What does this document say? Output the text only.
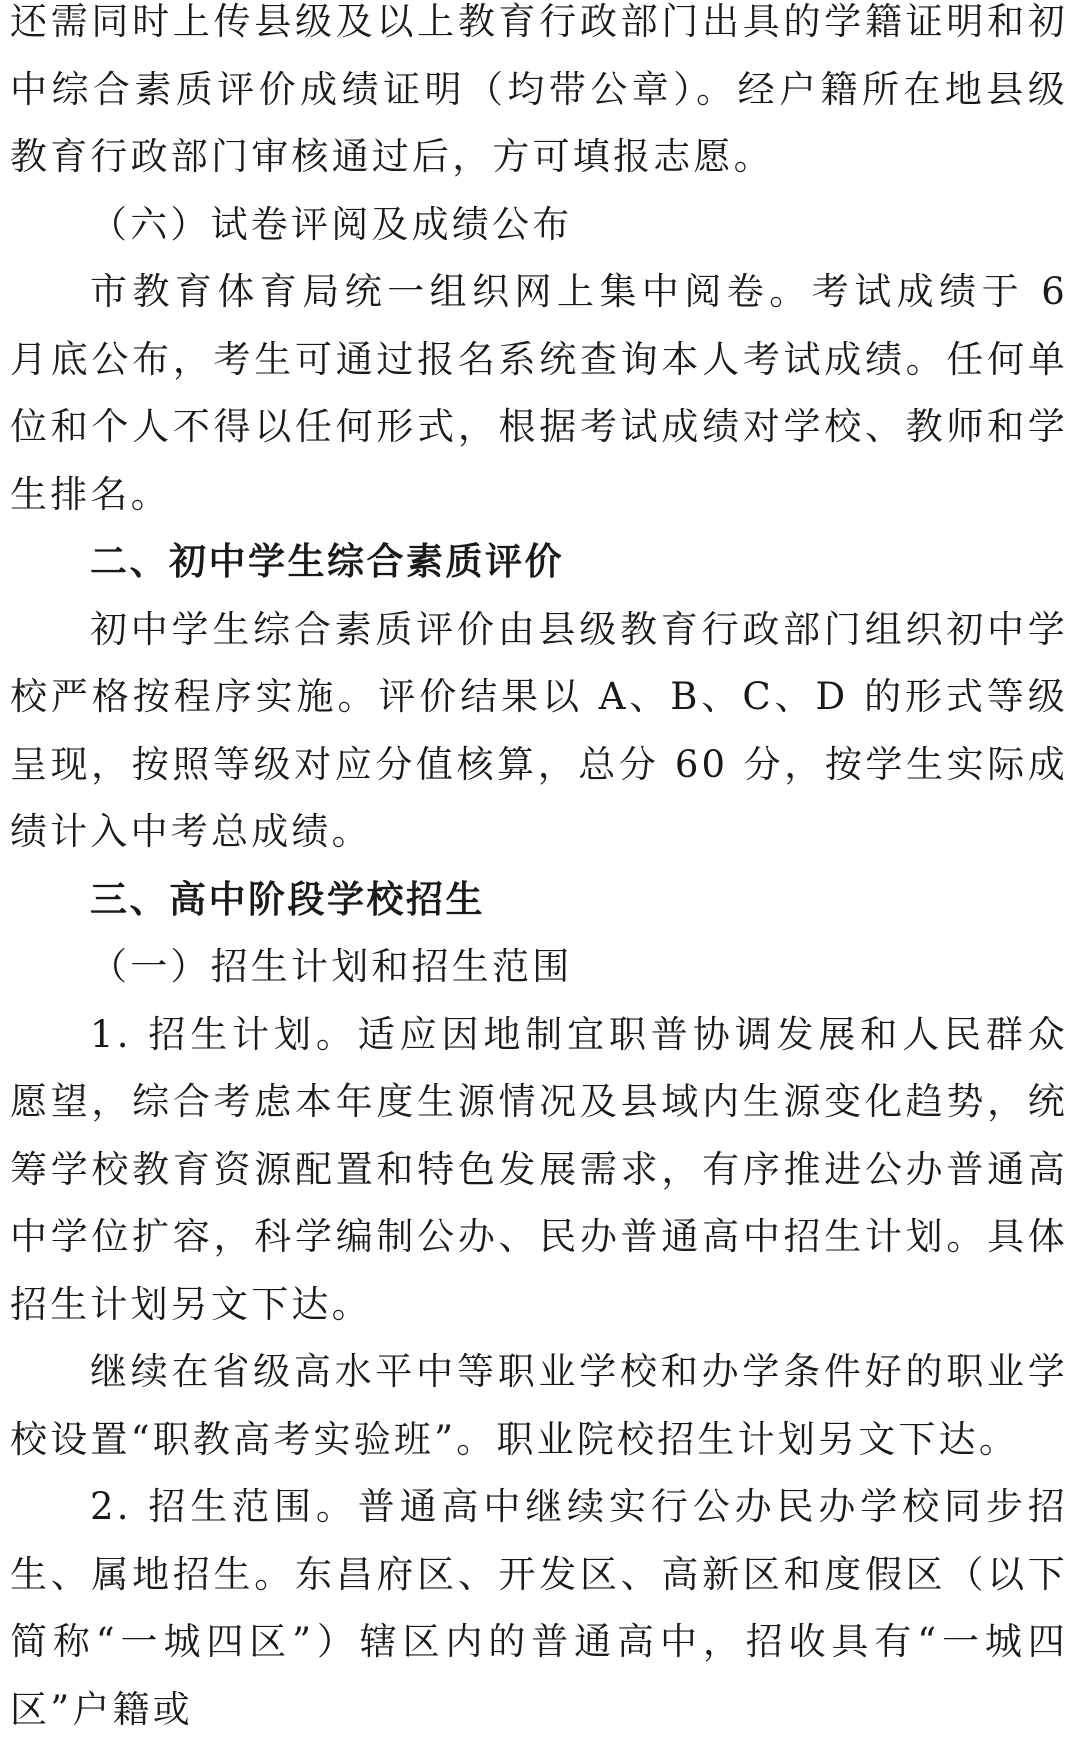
还需同时上传县级及以上教育行政部门出具的学籍证明和初中综合素质评价成绩证明（均带公章）。经户籍所在地县级教育行政部门审核通过后，方可填报志愿。

（六）试卷评阅及成绩公布

市教育体育局统一组织网上集中阅卷。考试成绩于 6 月底公布，考生可通过报名系统查询本人考试成绩。任何单位和个人不得以任何形式，根据考试成绩对学校、教师和学生排名。

二、初中学生综合素质评价

初中学生综合素质评价由县级教育行政部门组织初中学校严格按程序实施。评价结果以 A、B、C、D 的形式等级呈现，按照等级对应分值核算，总分 60 分，按学生实际成绩计入中考总成绩。

三、高中阶段学校招生

（一）招生计划和招生范围

1. 招生计划。适应因地制宜职普协调发展和人民群众愿望，综合考虑本年度生源情况及县域内生源变化趋势，统筹学校教育资源配置和特色发展需求，有序推进公办普通高中学位扩容，科学编制公办、民办普通高中招生计划。具体招生计划另文下达。

继续在省级高水平中等职业学校和办学条件好的职业学校设置“职教高考实验班”。职业院校招生计划另文下达。

2. 招生范围。普通高中继续实行公办民办学校同步招生、属地招生。东昌府区、开发区、高新区和度假区（以下简称“一城四区”）辖区内的普通高中，招收具有“一城四区”户籍或
